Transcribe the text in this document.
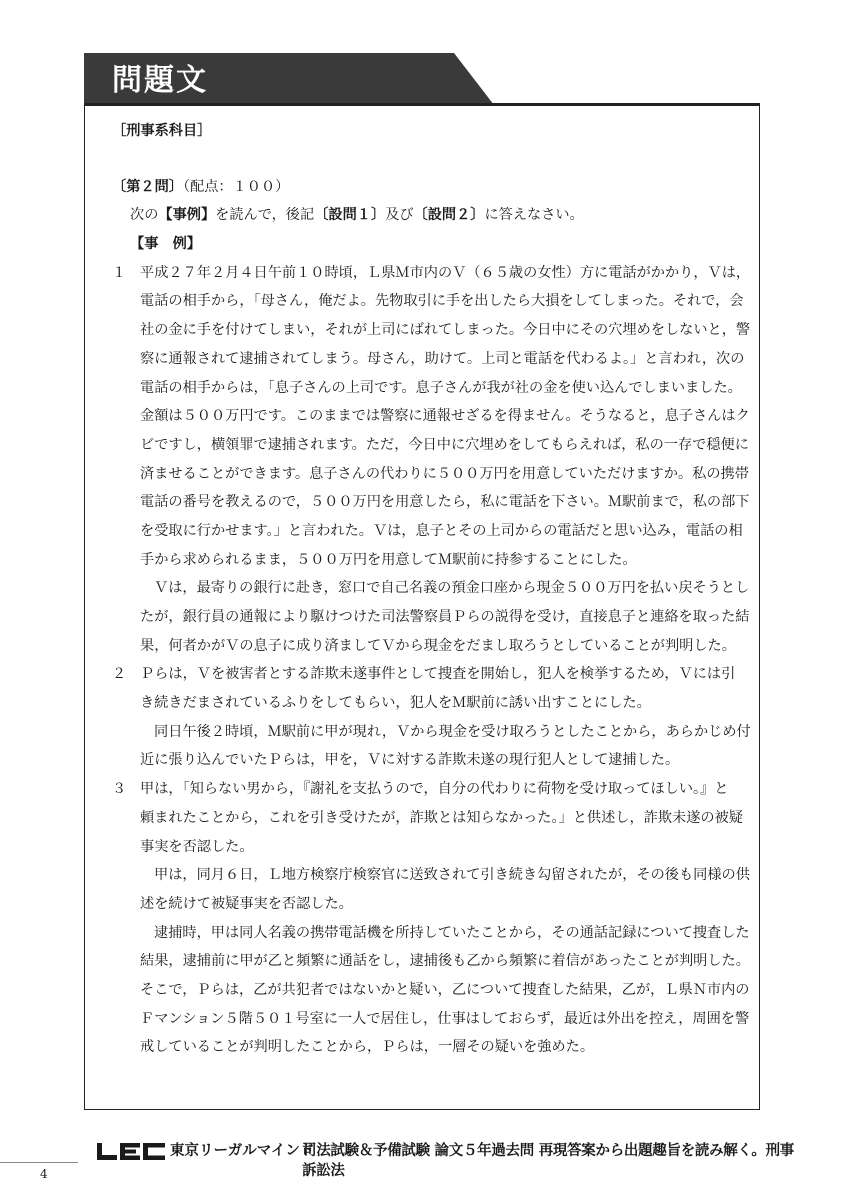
問題文
［刑事系科目］
〔第２問〕（配点：１００）
次の【事例】を読んで，後記〔設問１〕及び〔設問２〕に答えなさい。
【事　例】
１ 平成２７年２月４日午前１０時頃，Ｌ県Ｍ市内のＶ（６５歳の女性）方に電話がかかり，Ｖは，
電話の相手から，「母さん，俺だよ。先物取引に手を出したら大損をしてしまった。それで，会
社の金に手を付けてしまい，それが上司にばれてしまった。今日中にその穴埋めをしないと，警
察に通報されて逮捕されてしまう。母さん，助けて。上司と電話を代わるよ。」と言われ，次の
電話の相手からは，「息子さんの上司です。息子さんが我が社の金を使い込んでしまいました。
金額は５００万円です。このままでは警察に通報せざるを得ません。そうなると，息子さんはク
ビですし，横領罪で逮捕されます。ただ，今日中に穴埋めをしてもらえれば，私の一存で穏便に
済ませることができます。息子さんの代わりに５００万円を用意していただけますか。私の携帯
電話の番号を教えるので，５００万円を用意したら，私に電話を下さい。Ｍ駅前まで，私の部下
を受取に行かせます。」と言われた。Ｖは，息子とその上司からの電話だと思い込み，電話の相
手から求められるまま，５００万円を用意してＭ駅前に持参することにした。
Ｖは，最寄りの銀行に赴き，窓口で自己名義の預金口座から現金５００万円を払い戻そうとし
たが，銀行員の通報により駆けつけた司法警察員Ｐらの説得を受け，直接息子と連絡を取った結
果，何者かがＶの息子に成り済ましてＶから現金をだまし取ろうとしていることが判明した。
２ Ｐらは，Ｖを被害者とする詐欺未遂事件として捜査を開始し，犯人を検挙するため，Ｖには引
き続きだまされているふりをしてもらい，犯人をＭ駅前に誘い出すことにした。
同日午後２時頃，Ｍ駅前に甲が現れ，Ｖから現金を受け取ろうとしたことから，あらかじめ付
近に張り込んでいたＰらは，甲を，Ｖに対する詐欺未遂の現行犯人として逮捕した。
３ 甲は，「知らない男から，『謝礼を支払うので，自分の代わりに荷物を受け取ってほしい。』と
頼まれたことから，これを引き受けたが，詐欺とは知らなかった。」と供述し，詐欺未遂の被疑
事実を否認した。
甲は，同月６日，Ｌ地方検察庁検察官に送致されて引き続き勾留されたが，その後も同様の供
述を続けて被疑事実を否認した。
逮捕時，甲は同人名義の携帯電話機を所持していたことから，その通話記録について捜査した
結果，逮捕前に甲が乙と頻繁に通話をし，逮捕後も乙から頻繁に着信があったことが判明した。
そこで，Ｐらは，乙が共犯者ではないかと疑い，乙について捜査した結果，乙が，Ｌ県Ｎ市内の
Ｆマンション５階５０１号室に一人で居住し，仕事はしておらず，最近は外出を控え，周囲を警
戒していることが判明したことから，Ｐらは，一層その疑いを強めた。
東京リーガルマインド
司法試験＆予備試験 論文５年過去問 再現答案から出題趣旨を読み解く。刑事訴訟法
4
